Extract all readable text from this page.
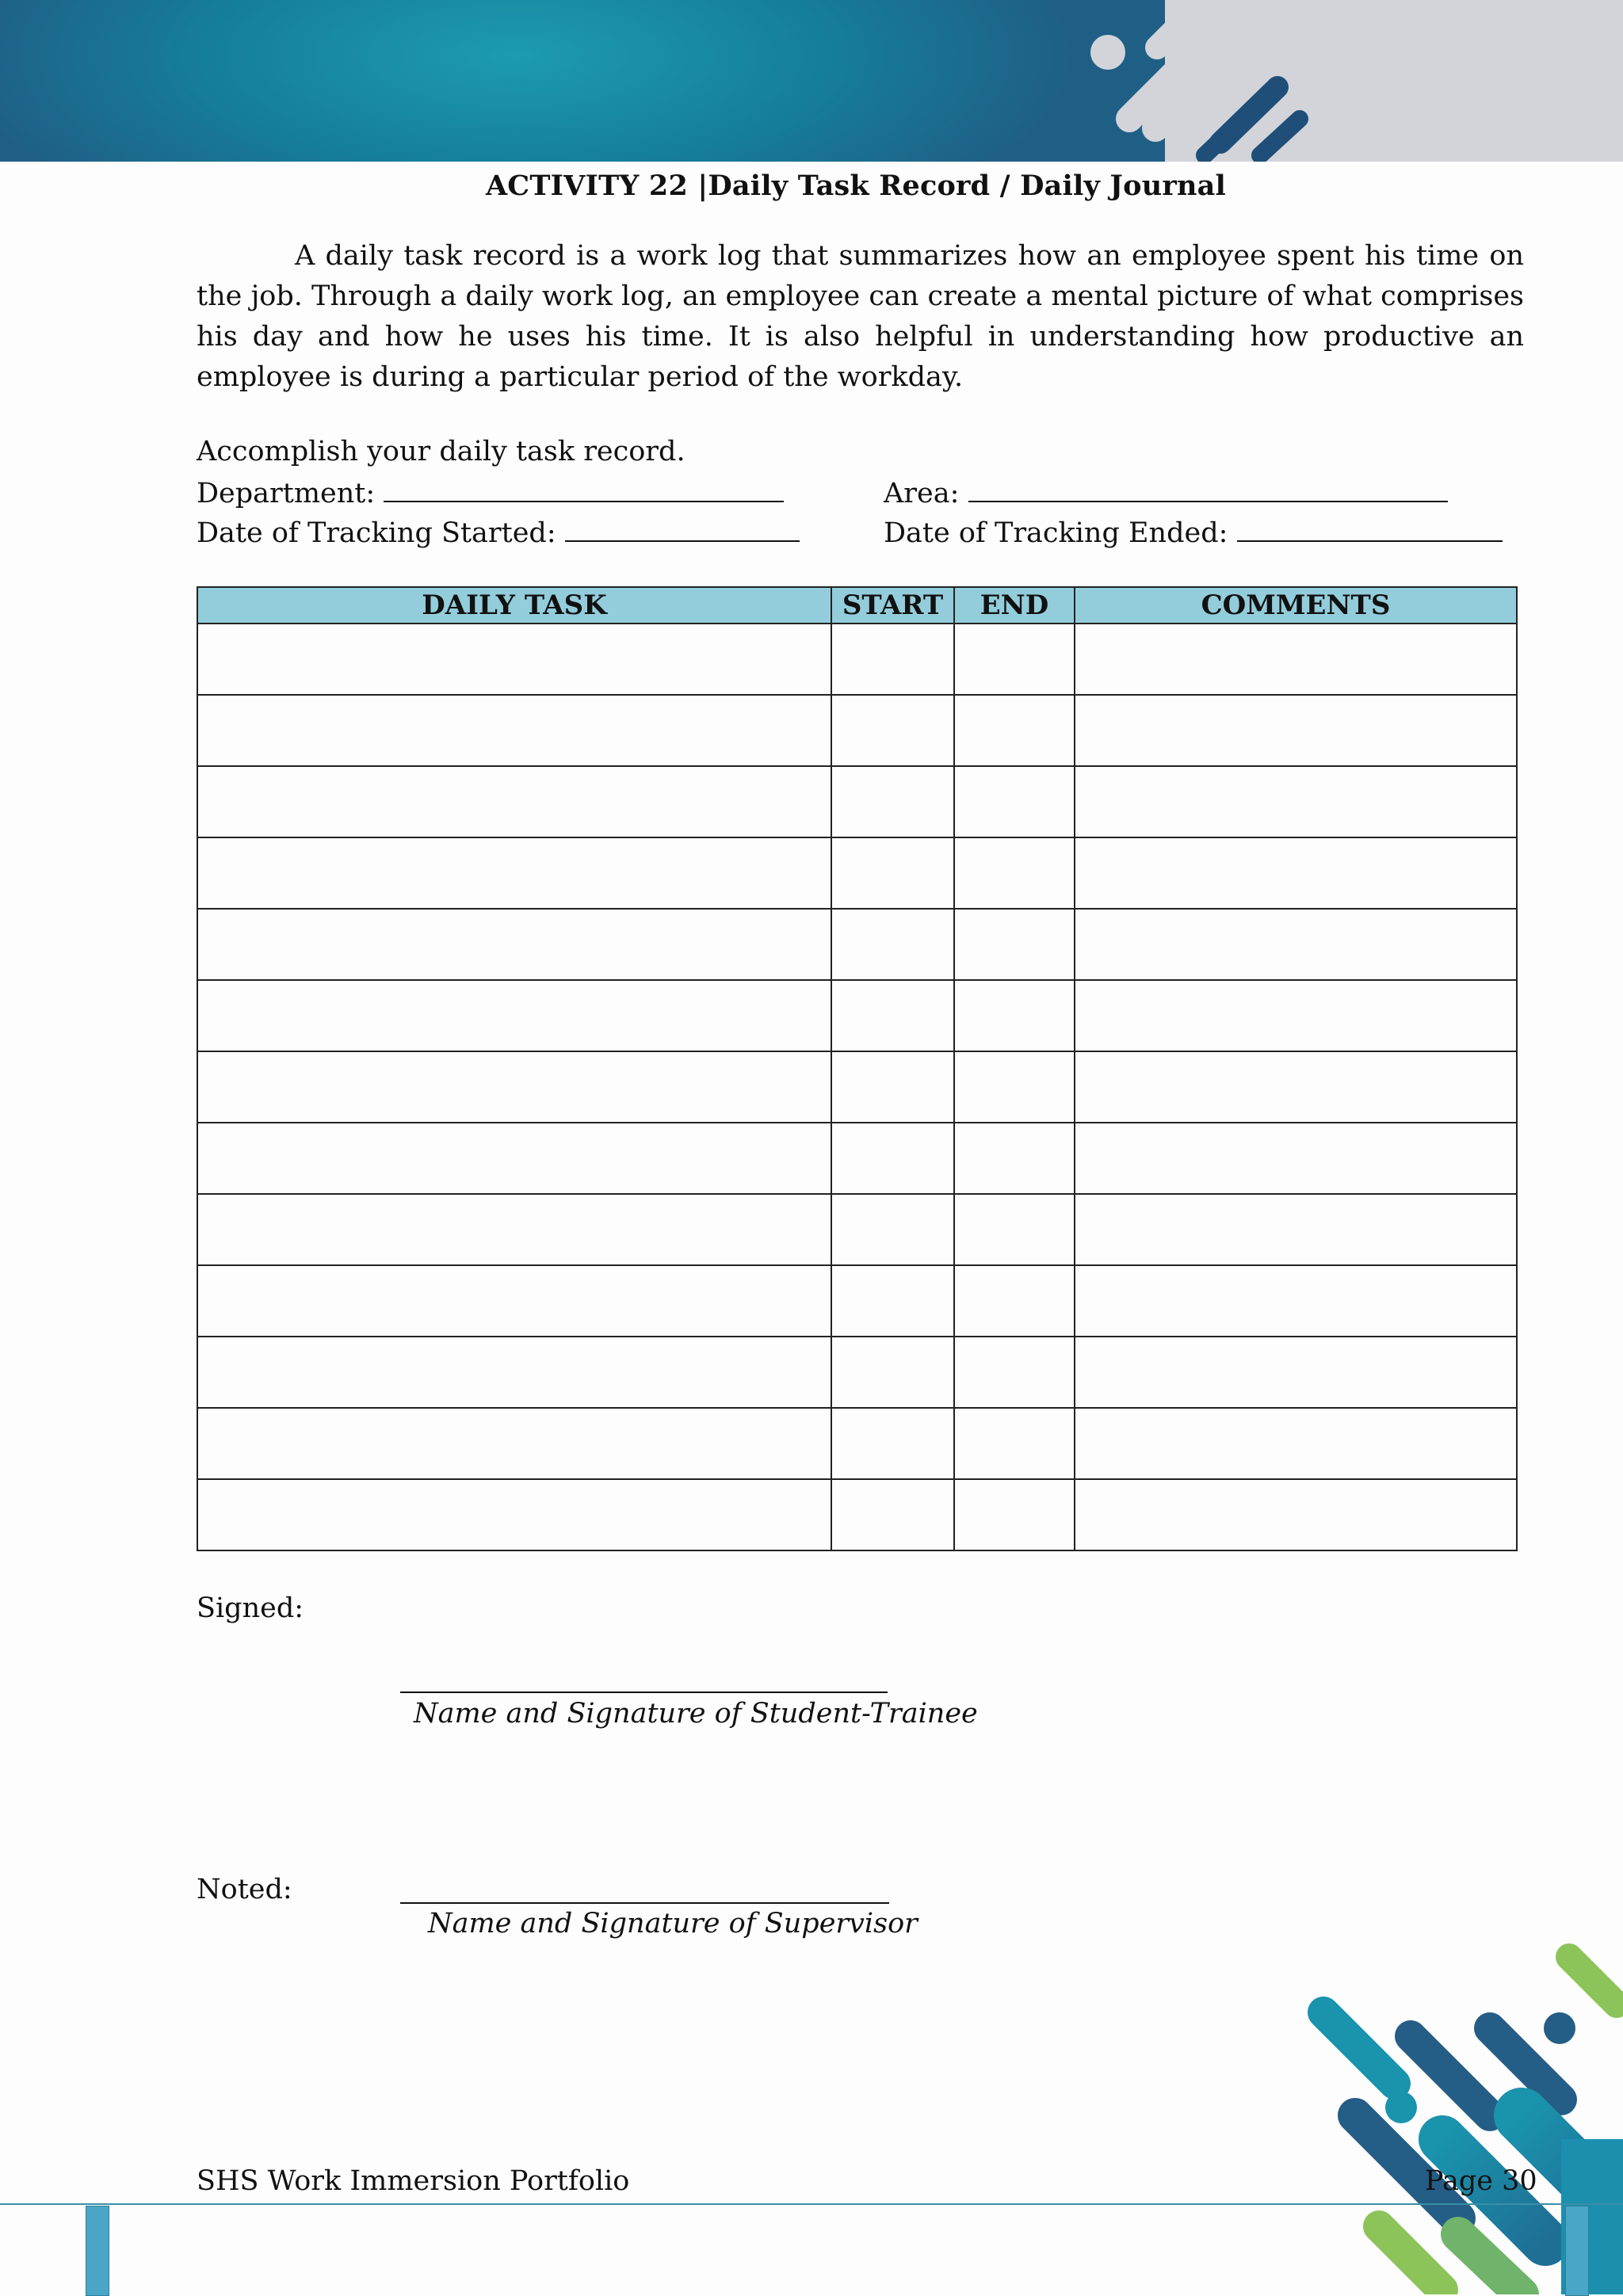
ACTIVITY 22 |Daily Task Record / Daily Journal
A daily task record is a work log that summarizes how an employee spent his time on the job. Through a daily work log, an employee can create a mental picture of what comprises his day and how he uses his time. It is also helpful in understanding how productive an employee is during a particular period of the workday.
Accomplish your daily task record.
Department:	Area:
Date of Tracking Started:	Date of Tracking Ended:
DAILY TASK	START	END	COMMENTS

Signed:
Name and Signature of Student-Trainee
Noted:
Name and Signature of Supervisor
SHS Work Immersion Portfolio	Page 30
